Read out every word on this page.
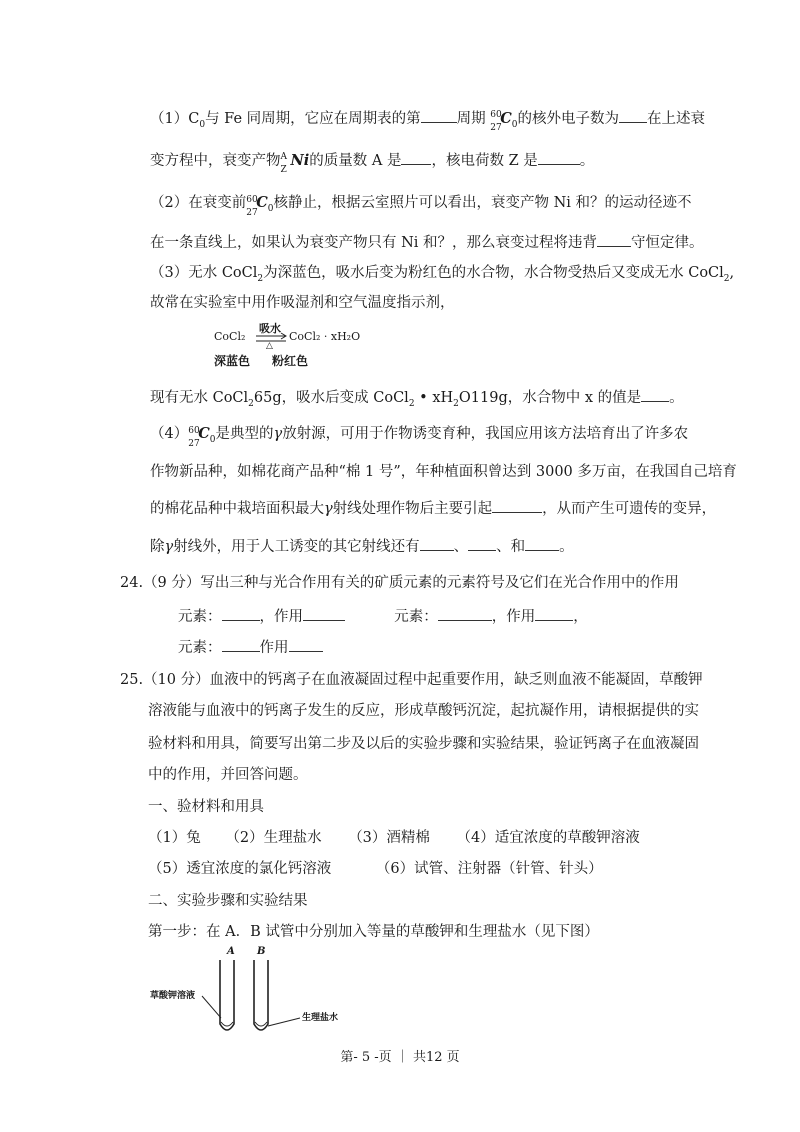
$(1)C_0$与 Fe 同周期，它应在周期表的第 周期 60
27
$C_0$的核外电子数为 在上述衰
变方程中，衰变产物 A
Z
Ni的质量数 A 是 ，核电荷数 Z 是	。
（2）在衰变前 60
27
$C_0$核静止，根据云室照片可以看出，衰变产物 Ni 和？的运动径迹不
在一条直线上，如果认为衰变产物只有 Ni 和？，那么衰变过程将违背 守恒定律。
（3）无水 CoCl$_2$为深蓝色，吸水后变为粉红色的水合物，水合物受热后又变成无水 CoCl$_2$,
故常在实验室中用作吸湿剂和空气温度指示剂，
CoCl₂
吸水
△
CoCl₂ · xH₂O
深蓝色 粉红色
现有无水 CoCl$_2$65g，吸水后变成 CoCl$_2$ • $xH_2O119g$，水合物中 x 的值是 。
（4） 60
27
$C_0$是典型的γ放射源，可用于作物诱变育种，我国应用该方法培育出了许多农
作物新品种，如棉花商产品种“棉 1 号”，年种植面积曾达到 3000 多万亩，在我国自己培育
的棉花品种中栽培面积最大γ射线处理作物后主要引起	，从而产生可遗传的变异，
除γ射线外，用于人工诱变的其它射线还有 、 、和 。
24.（9 分）写出三种与光合作用有关的矿质元素的元素符号及它们在光合作用中的作用
元素：	，作用	元素：	，作用	，
元素：	作用
25.（10 分）血液中的钙离子在血液凝固过程中起重要作用，缺乏则血液不能凝固，草酸钾
溶液能与血液中的钙离子发生的反应，形成草酸钙沉淀，起抗凝作用，请根据提供的实
验材料和用具，简要写出第二步及以后的实验步骤和实验结果，验证钙离子在血液凝固
中的作用，并回答问题。
一、验材料和用具
（1）兔 （2）生理盐水 （3）酒精棉 （4）适宜浓度的草酸钾溶液
（5）透宜浓度的氯化钙溶液	（6）试管、注射器（针管、针头）
二、实验步骤和实验结果
第一步：在 A．B 试管中分别加入等量的草酸钾和生理盐水（见下图）
A B
草酸钾溶液
生理盐水
第- 5 -页 ｜ 共12 页
